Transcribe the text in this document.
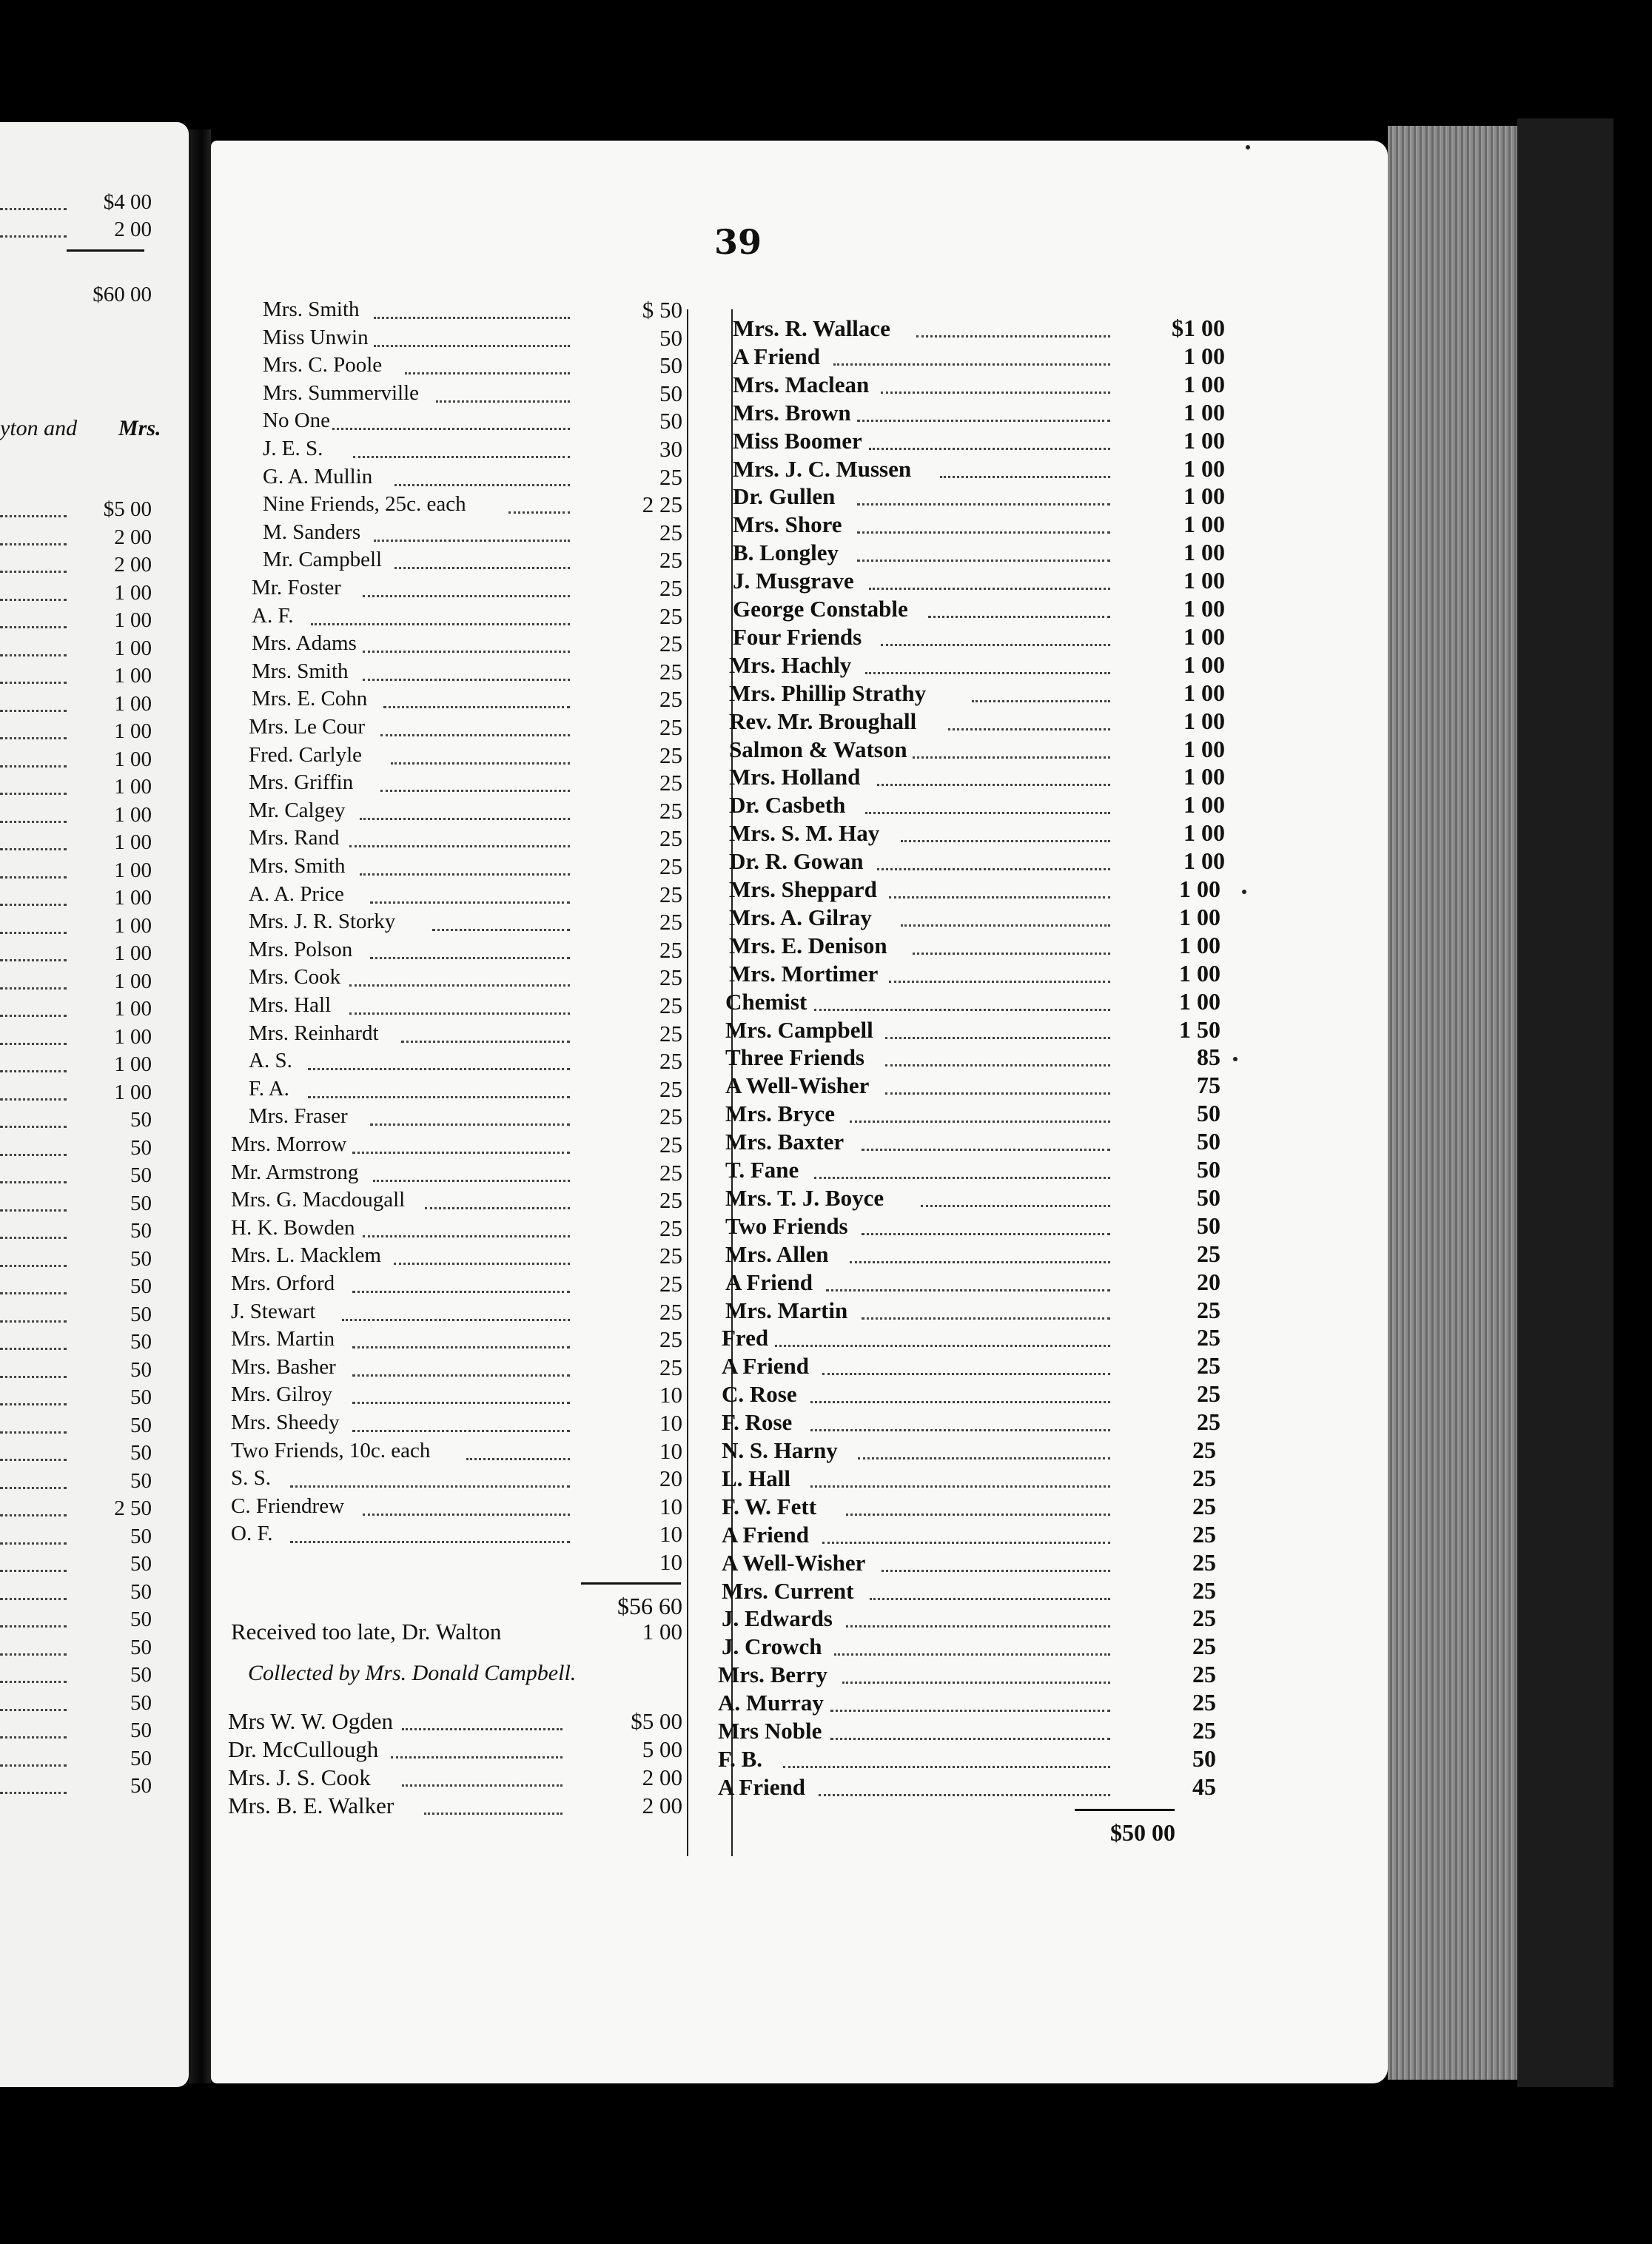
$4 00
2 00
$60 00
$5 00
2 00
2 00
1 00
1 00
1 00
1 00
1 00
1 00
1 00
1 00
1 00
1 00
1 00
1 00
1 00
1 00
1 00
1 00
1 00
1 00
1 00
50
50
50
50
50
50
50
50
50
50
50
50
50
50
2 50
50
50
50
50
50
50
50
50
50
50
yton and Mrs.
Mrs. Smith	$ 50
Miss Unwin	50
Mrs. C. Poole	50
Mrs. Summerville	50
No One	50
J. E. S.	30
G. A. Mullin	25
Nine Friends, 25c. each	2 25
M. Sanders	25
Mr. Campbell	25
Mr. Foster	25
A. F.	25
Mrs. Adams	25
Mrs. Smith	25
Mrs. E. Cohn	25
Mrs. Le Cour	25
Fred. Carlyle	25
Mrs. Griffin	25
Mr. Calgey	25
Mrs. Rand	25
Mrs. Smith	25
A. A. Price	25
Mrs. J. R. Storky	25
Mrs. Polson	25
Mrs. Cook	25
Mrs. Hall	25
Mrs. Reinhardt	25
A. S.	25
F. A.	25
Mrs. Fraser	25
Mrs. Morrow	25
Mr. Armstrong	25
Mrs. G. Macdougall	25
H. K. Bowden	25
Mrs. L. Macklem	25
Mrs. Orford	25
J. Stewart	25
Mrs. Martin	25
Mrs. Basher	25
Mrs. Gilroy	10
Mrs. Sheedy	10
Two Friends, 10c. each	10
S. S.	20
C. Friendrew	10
O. F.	10
10
$56 60
Received too late, Dr. Walton	1 00
Collected by Mrs. Donald Campbell.
Mrs W. W. Ogden	$5 00
Dr. McCullough	5 00
Mrs. J. S. Cook	2 00
Mrs. B. E. Walker	2 00
Mrs. R. Wallace	$1 00
A Friend	1 00
Mrs. Maclean	1 00
Mrs. Brown	1 00
Miss Boomer	1 00
Mrs. J. C. Mussen	1 00
Dr. Gullen	1 00
Mrs. Shore	1 00
B. Longley	1 00
J. Musgrave	1 00
George Constable	1 00
Four Friends	1 00
Mrs. Hachly	1 00
Mrs. Phillip Strathy	1 00
Rev. Mr. Broughall	1 00
Salmon & Watson	1 00
Mrs. Holland	1 00
Dr. Casbeth	1 00
Mrs. S. M. Hay	1 00
Dr. R. Gowan	1 00
Mrs. Sheppard	1 00
Mrs. A. Gilray	1 00
Mrs. E. Denison	1 00
Mrs. Mortimer	1 00
Chemist	1 00
Mrs. Campbell	1 50
Three Friends	85
A Well-Wisher	75
Mrs. Bryce	50
Mrs. Baxter	50
T. Fane	50
Mrs. T. J. Boyce	50
Two Friends	50
Mrs. Allen	25
A Friend	20
Mrs. Martin	25
Fred	25
A Friend	25
C. Rose	25
F. Rose	25
N. S. Harny	25
L. Hall	25
F. W. Fett	25
A Friend	25
A Well-Wisher	25
Mrs. Current	25
J. Edwards	25
J. Crowch	25
Mrs. Berry	25
A. Murray	25
Mrs Noble	25
F. B.	50
A Friend	45
$50 00
39
